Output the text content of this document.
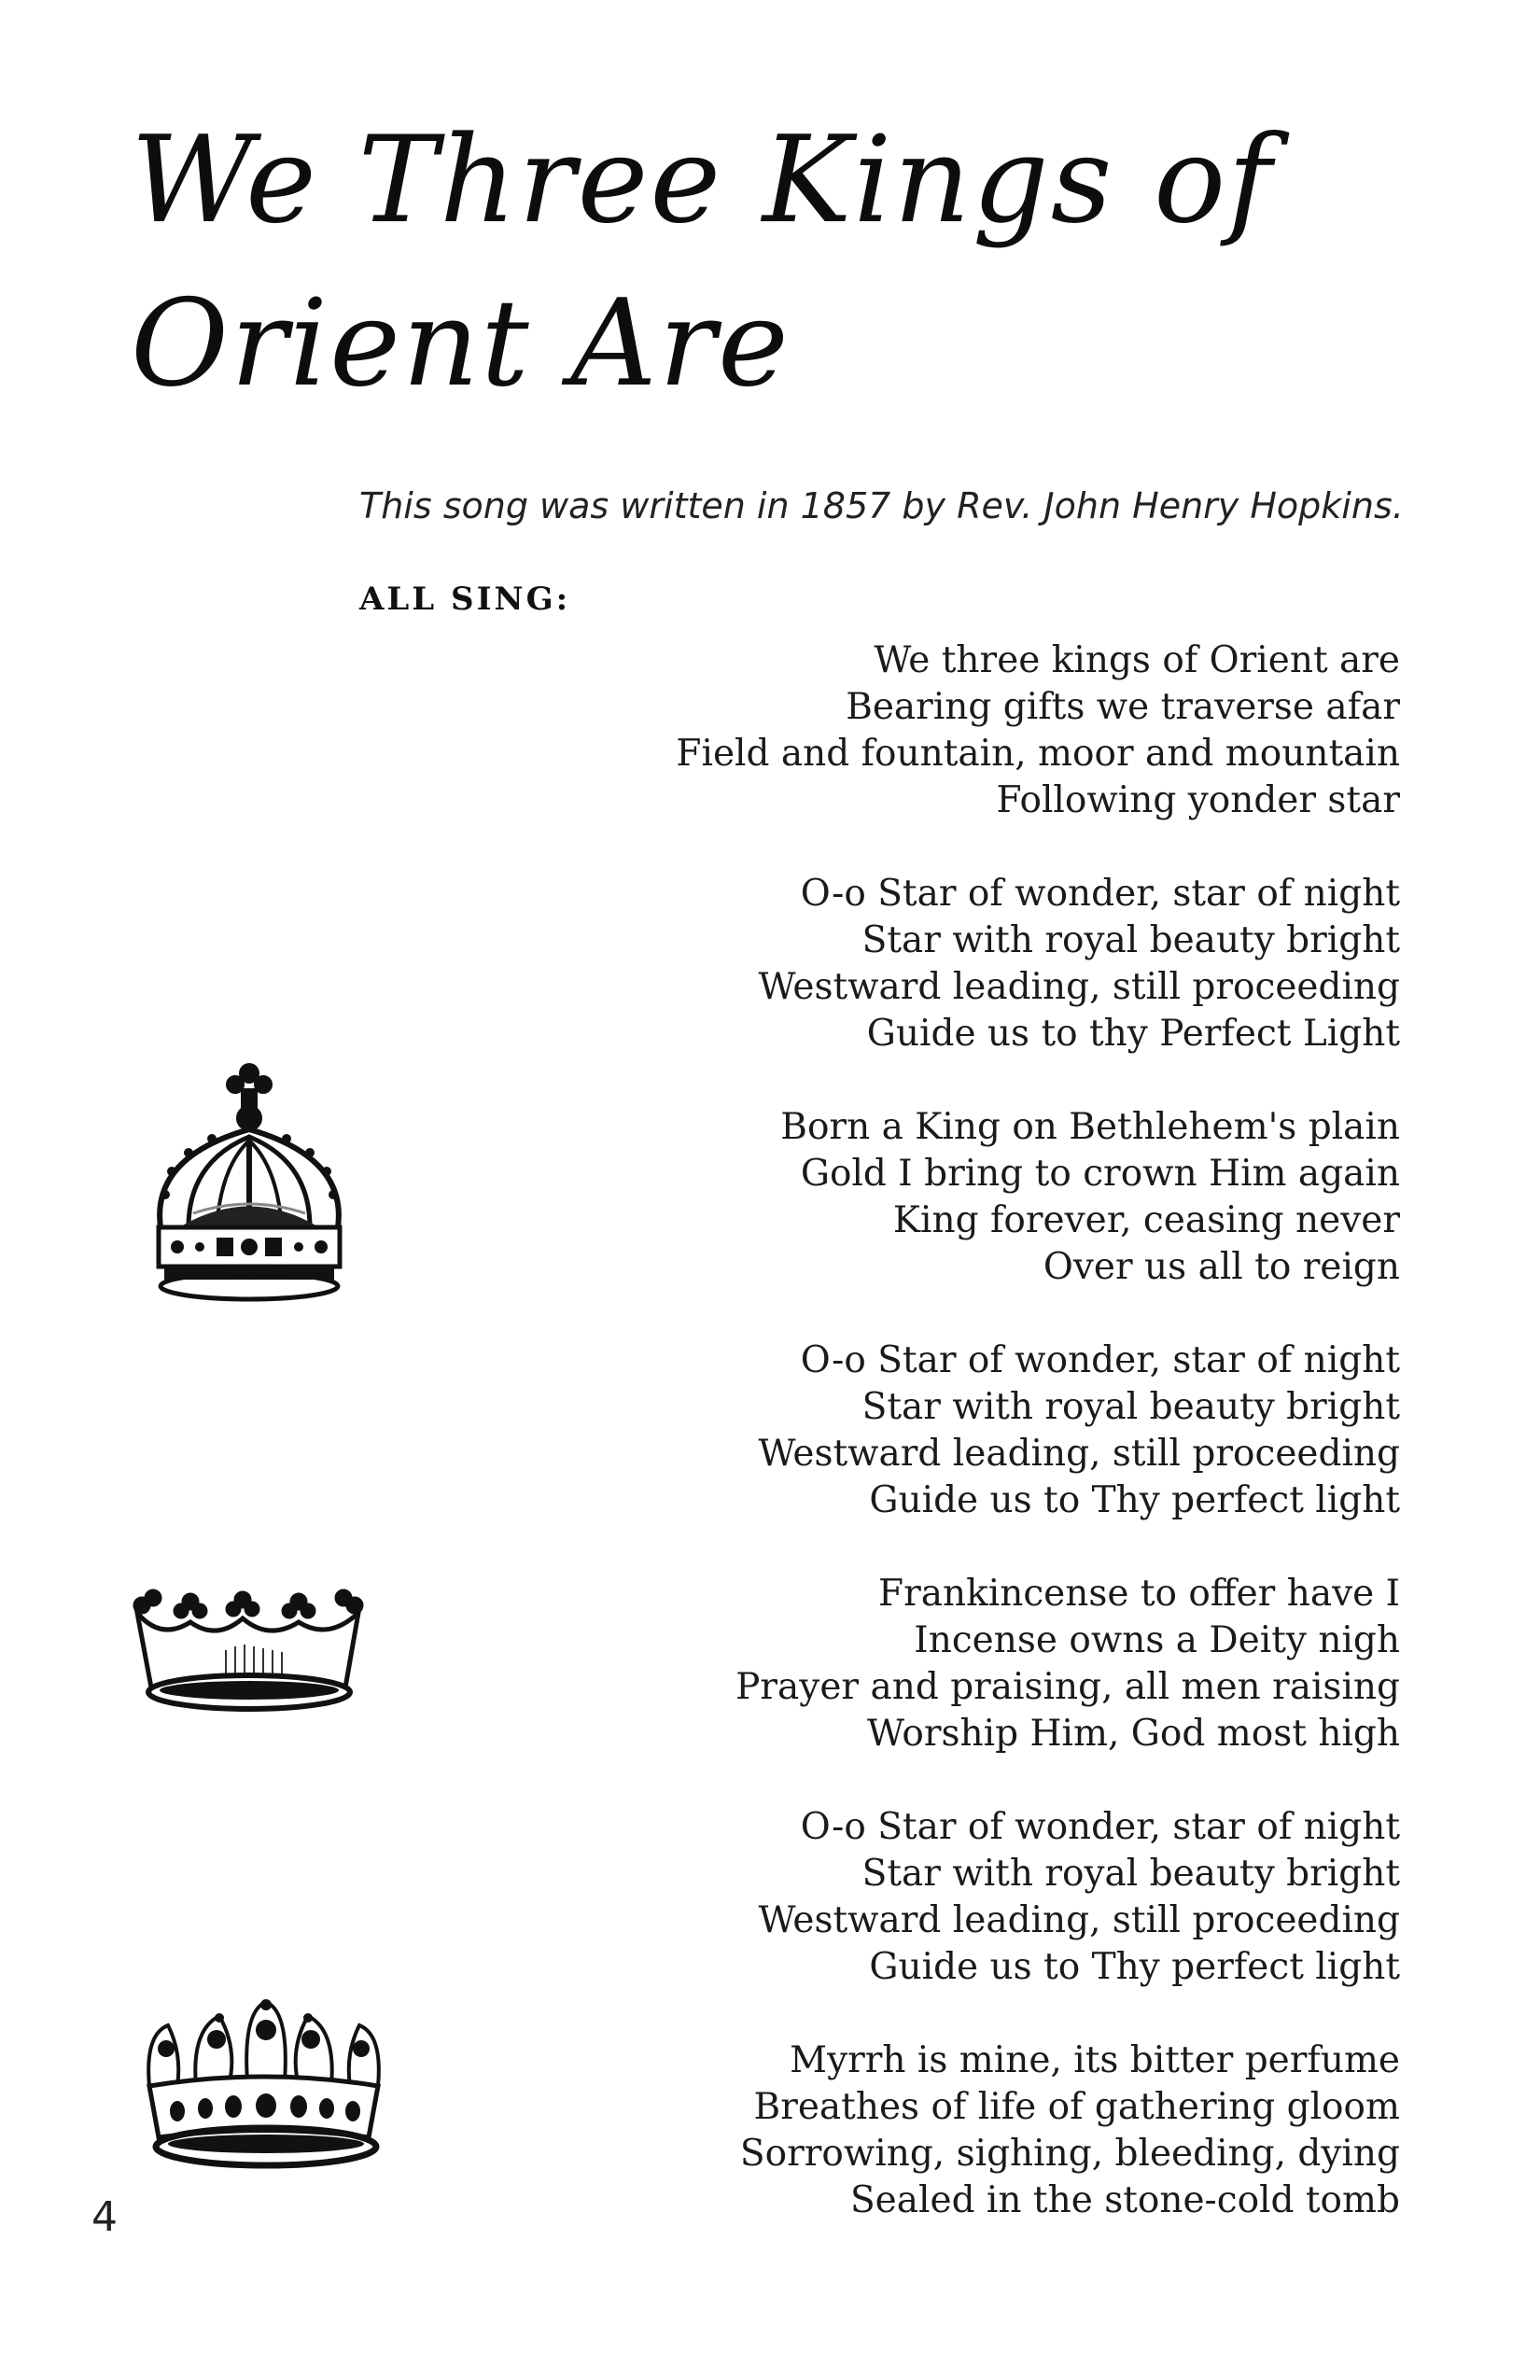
We Three Kings of
Orient Are
This song was written in 1857 by Rev. John Henry Hopkins.
ALL SING:
We three kings of Orient are
Bearing gifts we traverse afar
Field and fountain, moor and mountain
Following yonder star
O-o Star of wonder, star of night
Star with royal beauty bright
Westward leading, still proceeding
Guide us to thy Perfect Light
Born a King on Bethlehem's plain
Gold I bring to crown Him again
King forever, ceasing never
Over us all to reign
O-o Star of wonder, star of night
Star with royal beauty bright
Westward leading, still proceeding
Guide us to Thy perfect light
Frankincense to offer have I
Incense owns a Deity nigh
Prayer and praising, all men raising
Worship Him, God most high
O-o Star of wonder, star of night
Star with royal beauty bright
Westward leading, still proceeding
Guide us to Thy perfect light
Myrrh is mine, its bitter perfume
Breathes of life of gathering gloom
Sorrowing, sighing, bleeding, dying
Sealed in the stone-cold tomb
4
